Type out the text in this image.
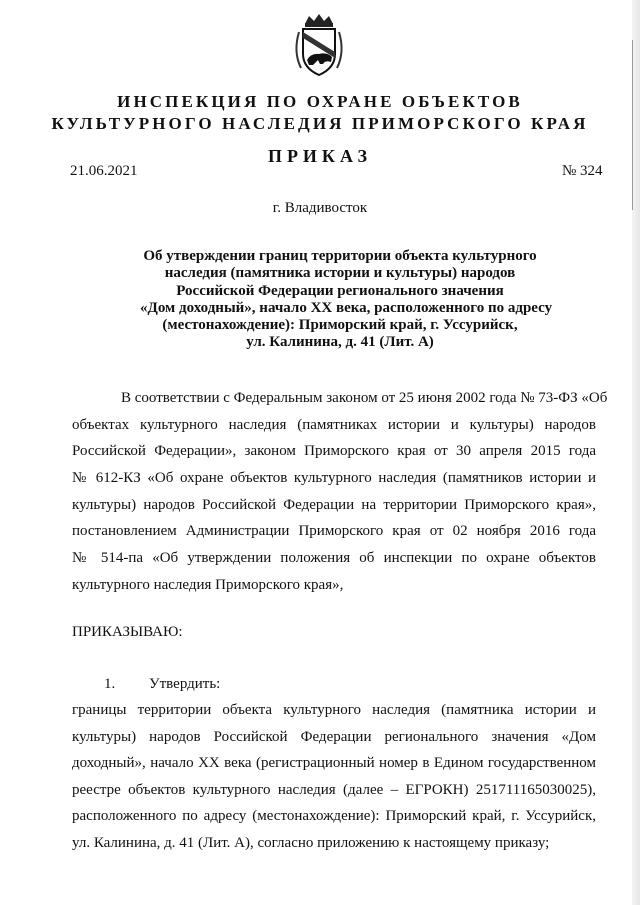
ИНСПЕКЦИЯ ПО ОХРАНЕ ОБЪЕКТОВ
КУЛЬТУРНОГО НАСЛЕДИЯ ПРИМОРСКОГО КРАЯ
ПРИКАЗ
21.06.2021	№ 324
г. Владивосток
Об утверждении границ территории объекта культурного
наследия (памятника истории и культуры) народов
Российской Федерации регионального значения
«Дом доходный», начало XX века, расположенного по адресу
(местонахождение): Приморский край, г. Уссурийск,
ул. Калинина, д. 41 (Лит. А)
В соответствии с Федеральным законом от 25 июня 2002 года № 73-ФЗ «Об
объектах культурного наследия (памятниках истории и культуры) народов
Российской Федерации», законом Приморского края от 30 апреля 2015 года
№ 612-КЗ «Об охране объектов культурного наследия (памятников истории и
культуры) народов Российской Федерации на территории Приморского края»,
постановлением Администрации Приморского края от 02 ноября 2016 года
№ 514-па «Об утверждении положения об инспекции по охране объектов
культурного наследия Приморского края»,
ПРИКАЗЫВАЮ:
1. Утвердить:
границы территории объекта культурного наследия (памятника истории и
культуры) народов Российской Федерации регионального значения «Дом
доходный», начало XX века (регистрационный номер в Едином государственном
реестре объектов культурного наследия (далее – ЕГРОКН) 251711165030025),
расположенного по адресу (местонахождение): Приморский край, г. Уссурийск,
ул. Калинина, д. 41 (Лит. А), согласно приложению к настоящему приказу;
